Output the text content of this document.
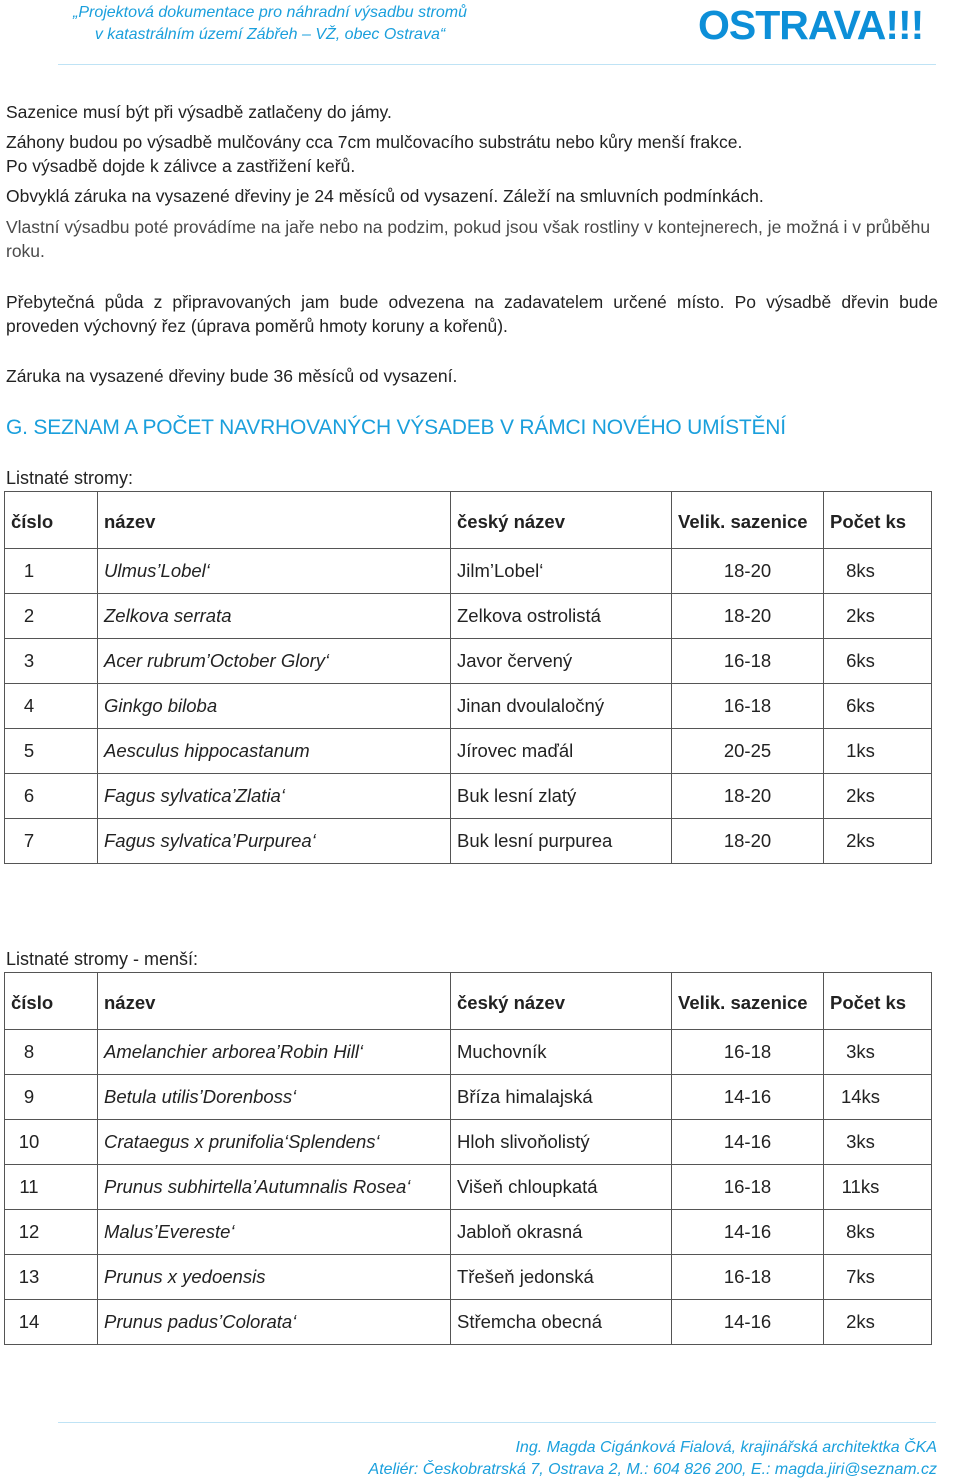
„Projektová dokumentace pro náhradní výsadbu stromů
v katastrálním území Zábřeh – VŽ, obec Ostrava“	OSTRAVA!!!
Sazenice musí být při výsadbě zatlačeny do jámy.
Záhony budou po výsadbě mulčovány cca 7cm mulčovacího substrátu nebo kůry menší frakce.
Po výsadbě dojde k zálivce a zastřižení keřů.
Obvyklá záruka na vysazené dřeviny je 24 měsíců od vysazení. Záleží na smluvních podmínkách.
Vlastní výsadbu poté provádíme na jaře nebo na podzim, pokud jsou však rostliny v kontejnerech, je možná i v průběhu
roku.
Přebytečná půda z připravovaných jam bude odvezena na zadavatelem určené místo. Po výsadbě dřevin bude
proveden výchovný řez (úprava poměrů hmoty koruny a kořenů).
Záruka na vysazené dřeviny bude 36 měsíců od vysazení.
G. SEZNAM A POČET NAVRHOVANÝCH VÝSADEB V RÁMCI NOVÉHO UMÍSTĚNÍ
Listnaté stromy:
číslo	název	český název	Velik. sazenice	Počet ks
1	Ulmus’Lobel‘	Jilm’Lobel‘	18-20	8ks
2	Zelkova serrata	Zelkova ostrolistá	18-20	2ks
3	Acer rubrum’October Glory‘	Javor červený	16-18	6ks
4	Ginkgo biloba	Jinan dvoulaločný	16-18	6ks
5	Aesculus hippocastanum	Jírovec maďál	20-25	1ks
6	Fagus sylvatica’Zlatia‘	Buk lesní zlatý	18-20	2ks
7	Fagus sylvatica’Purpurea‘	Buk lesní purpurea	18-20	2ks
Listnaté stromy - menší:
číslo	název	český název	Velik. sazenice	Počet ks
8	Amelanchier arborea’Robin Hill‘	Muchovník	16-18	3ks
9	Betula utilis’Dorenboss‘	Bříza himalajská	14-16	14ks
10	Crataegus x prunifolia‘Splendens‘	Hloh slivoňolistý	14-16	3ks
11	Prunus subhirtella’Autumnalis Rosea‘	Višeň chloupkatá	16-18	11ks
12	Malus’Evereste‘	Jabloň okrasná	14-16	8ks
13	Prunus x yedoensis	Třešeň jedonská	16-18	7ks
14	Prunus padus’Colorata‘	Střemcha obecná	14-16	2ks
Ing. Magda Cigánková Fialová, krajinářská architektka ČKA
Ateliér: Českobratrská 7, Ostrava 2, M.: 604 826 200, E.: magda.jiri@seznam.cz
